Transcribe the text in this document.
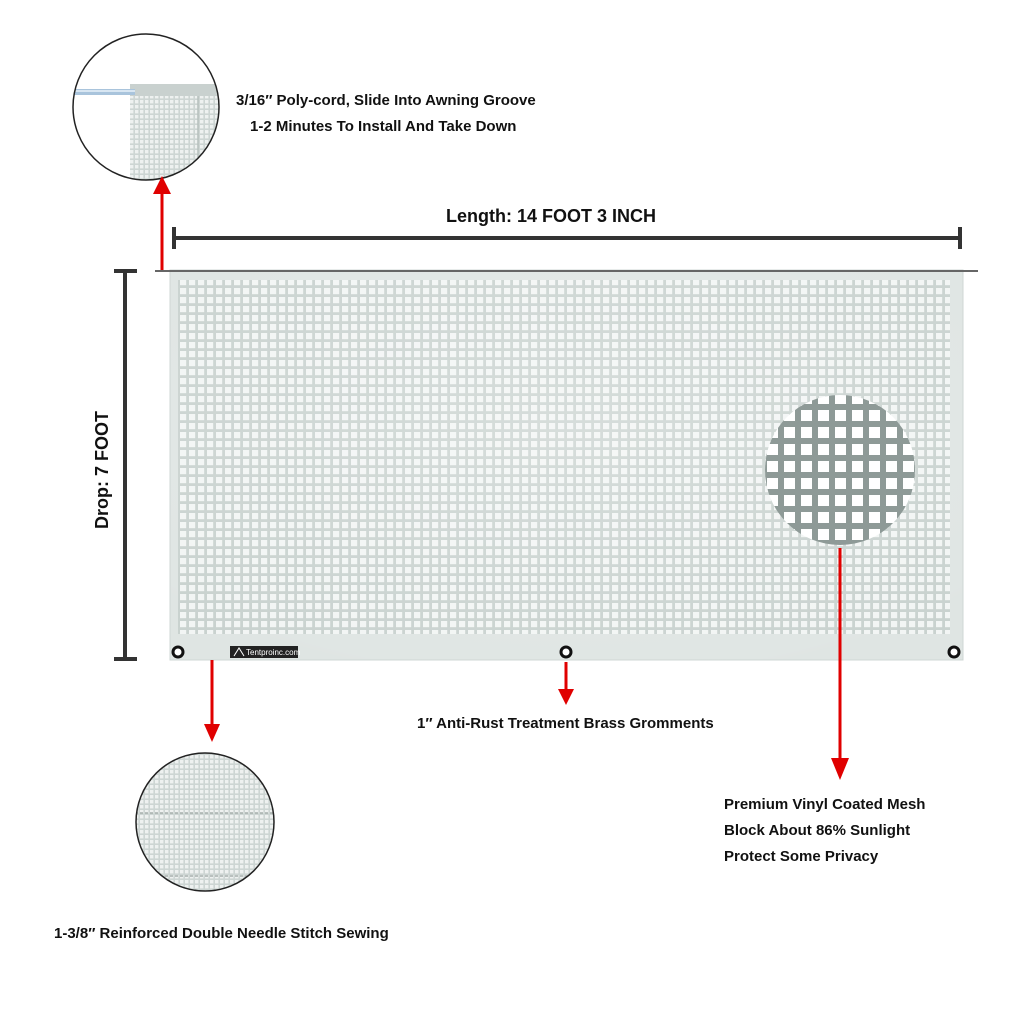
Tentproinc.com
Drop: 7 FOOT
Length: 14 FOOT 3 INCH
3/16″ Poly-cord, Slide Into Awning Groove
1-2 Minutes To Install And Take Down
1″ Anti-Rust Treatment Brass Gromments
1-3/8″ Reinforced Double Needle Stitch Sewing
Premium Vinyl Coated Mesh
Block About 86% Sunlight
Protect Some Privacy
